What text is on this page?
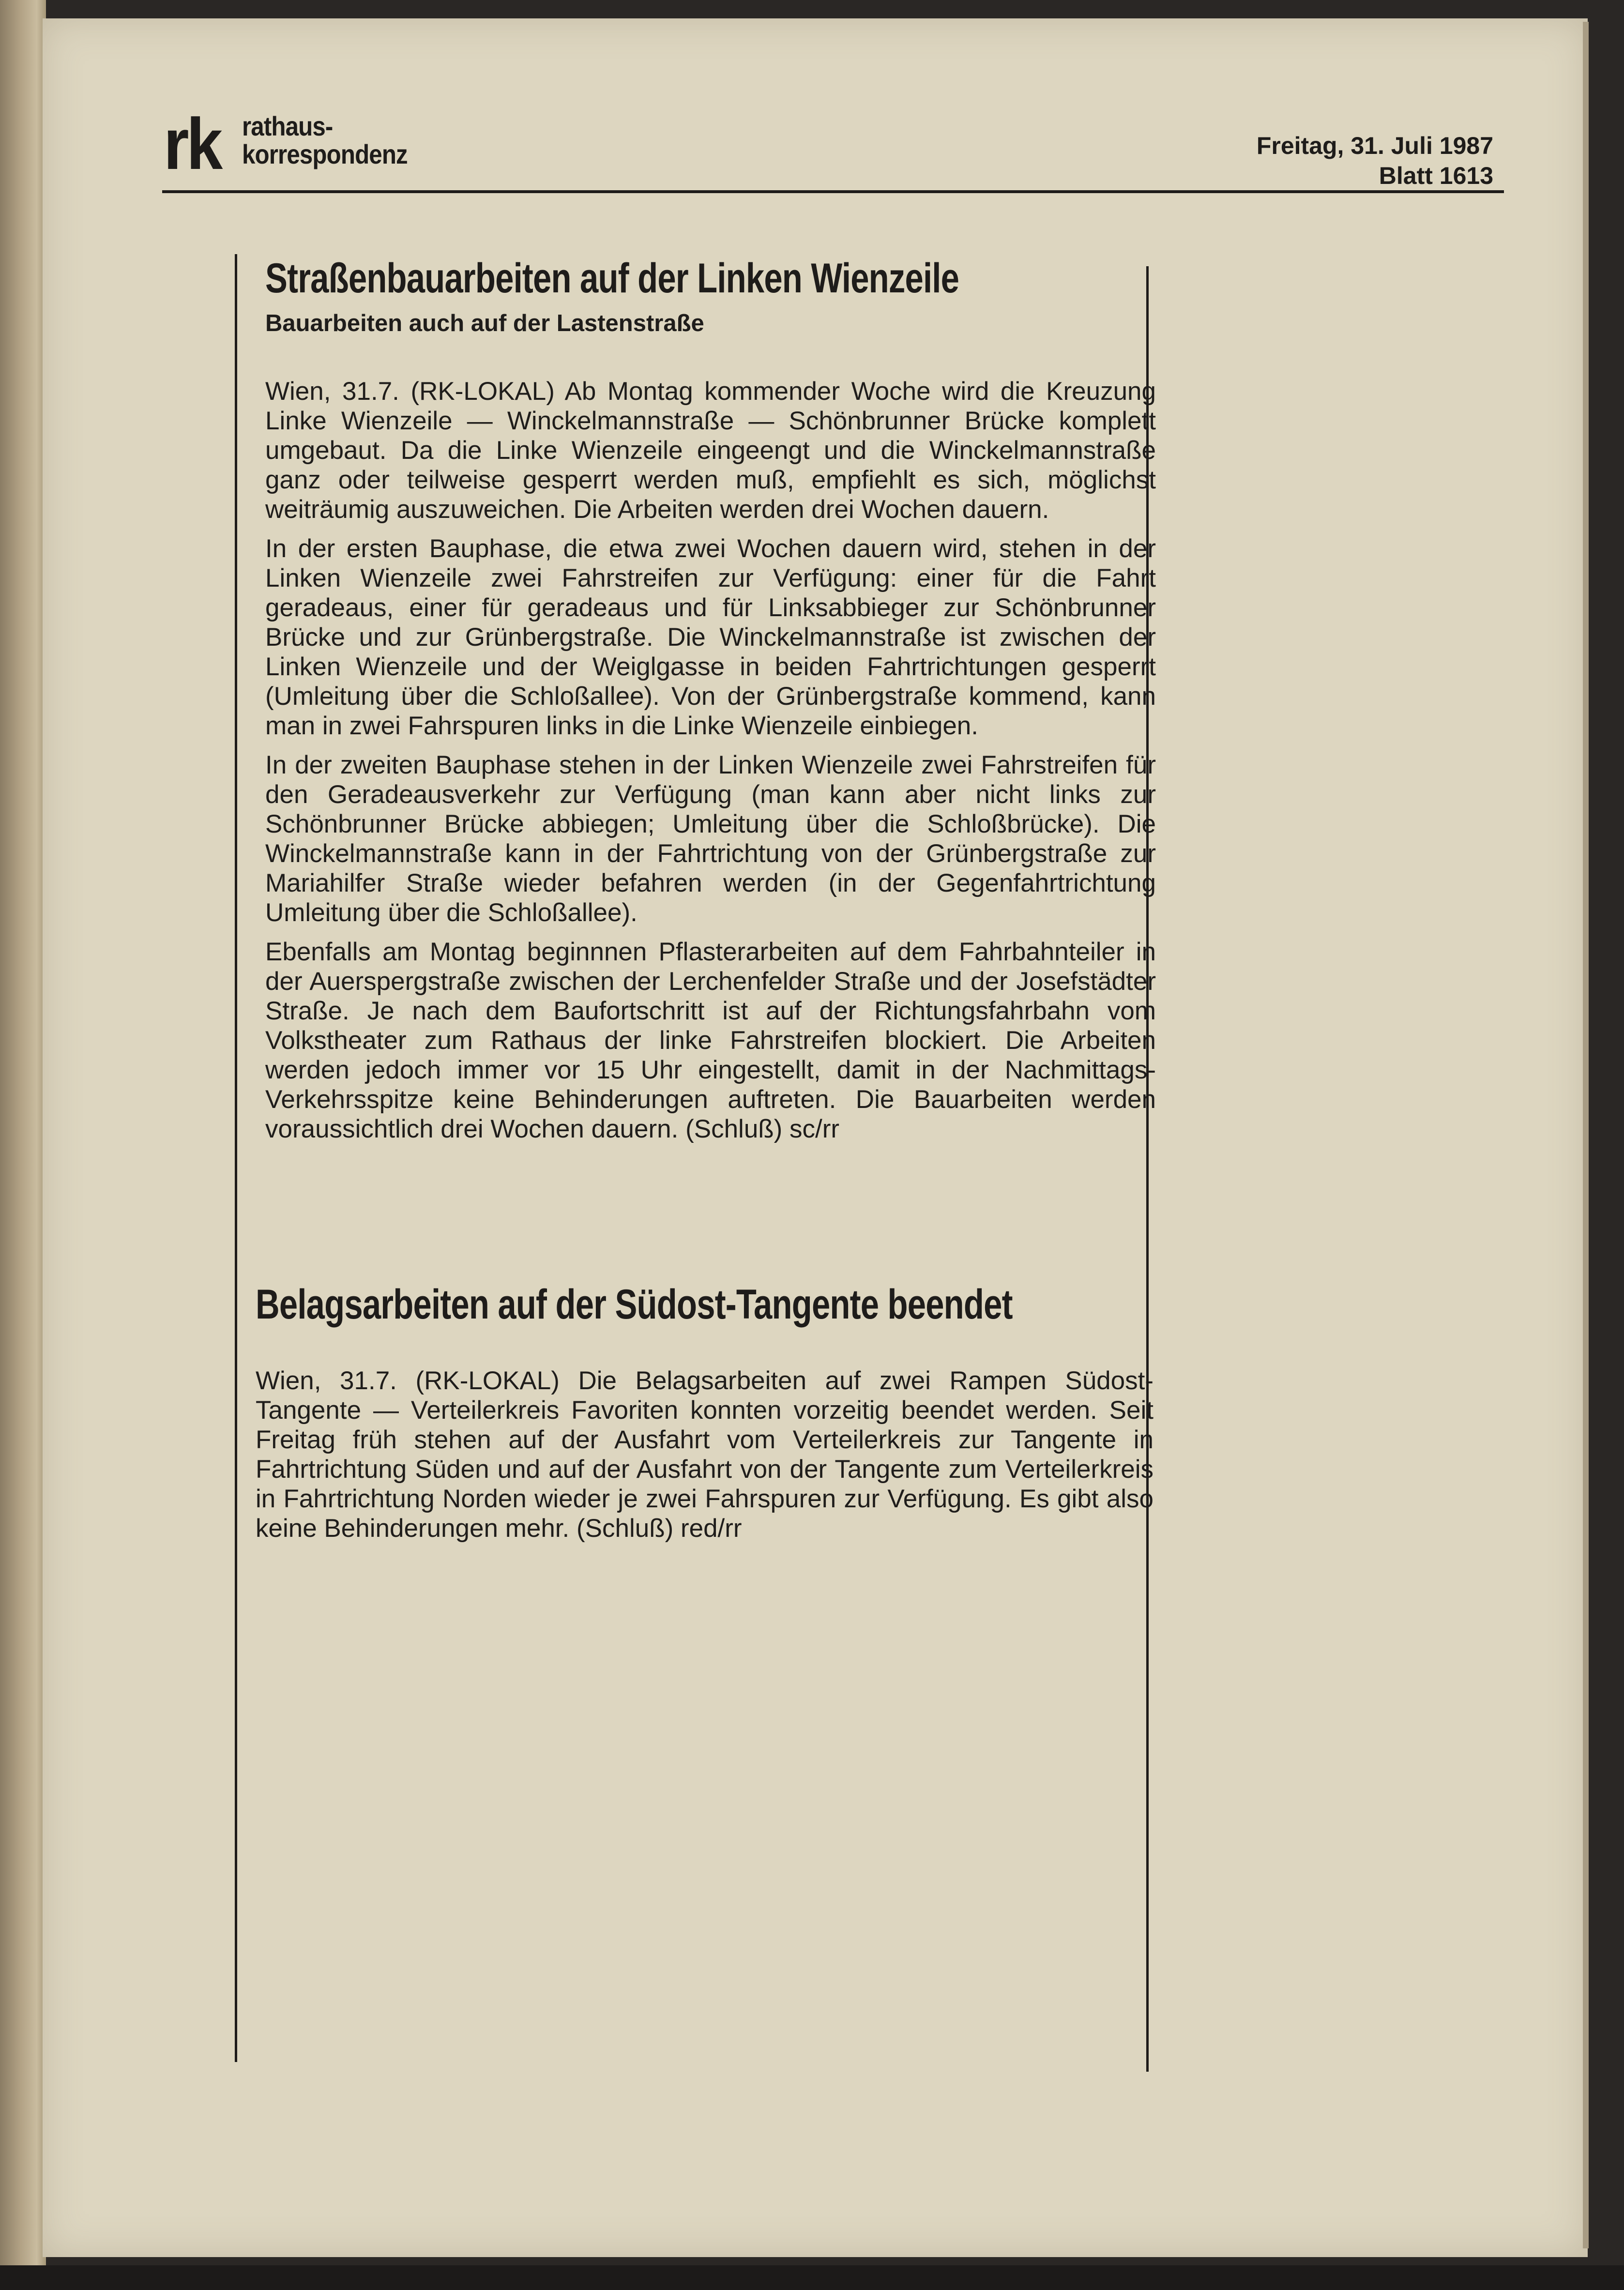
rk rathaus-
korrespondenz	Freitag, 31. Juli 1987
Blatt 1613
Straßenbauarbeiten auf der Linken Wienzeile
Bauarbeiten auch auf der Lastenstraße

Wien, 31.7. (RK-LOKAL) Ab Montag kommender Woche wird die Kreuzung Linke Wienzeile — Winckelmannstraße — Schönbrunner Brücke komplett umgebaut. Da die Linke Wienzeile eingeengt und die Winckelmannstraße ganz oder teilweise gesperrt werden muß, empfiehlt es sich, möglichst weiträumig auszuweichen. Die Arbeiten werden drei Wochen dauern.

In der ersten Bauphase, die etwa zwei Wochen dauern wird, stehen in der Linken Wienzeile zwei Fahrstreifen zur Verfügung: einer für die Fahrt geradeaus, einer für geradeaus und für Linksabbieger zur Schönbrunner Brücke und zur Grünbergstraße. Die Winckelmannstraße ist zwischen der Linken Wienzeile und der Weiglgasse in beiden Fahrtrichtungen gesperrt (Umleitung über die Schloßallee). Von der Grünbergstraße kommend, kann man in zwei Fahrspuren links in die Linke Wienzeile einbiegen.

In der zweiten Bauphase stehen in der Linken Wienzeile zwei Fahrstreifen für den Geradeausverkehr zur Verfügung (man kann aber nicht links zur Schönbrunner Brücke abbiegen; Umleitung über die Schloßbrücke). Die Winckelmannstraße kann in der Fahrtrichtung von der Grünbergstraße zur Mariahilfer Straße wieder befahren werden (in der Gegenfahrtrichtung Umleitung über die Schloßallee).

Ebenfalls am Montag beginnnen Pflasterarbeiten auf dem Fahrbahnteiler in der Auerspergstraße zwischen der Lerchenfelder Straße und der Josefstädter Straße. Je nach dem Baufortschritt ist auf der Richtungsfahrbahn vom Volkstheater zum Rathaus der linke Fahrstreifen blockiert. Die Arbeiten werden jedoch immer vor 15 Uhr eingestellt, damit in der Nachmittags-Verkehrsspitze keine Behinderungen auftreten. Die Bauarbeiten werden voraussichtlich drei Wochen dauern. (Schluß) sc/rr

Belagsarbeiten auf der Südost-Tangente beendet

Wien, 31.7. (RK-LOKAL) Die Belagsarbeiten auf zwei Rampen Südost-Tangente — Verteilerkreis Favoriten konnten vorzeitig beendet werden. Seit Freitag früh stehen auf der Ausfahrt vom Verteilerkreis zur Tangente in Fahrtrichtung Süden und auf der Ausfahrt von der Tangente zum Verteilerkreis in Fahrtrichtung Norden wieder je zwei Fahrspuren zur Verfügung. Es gibt also keine Behinderungen mehr. (Schluß) red/rr
